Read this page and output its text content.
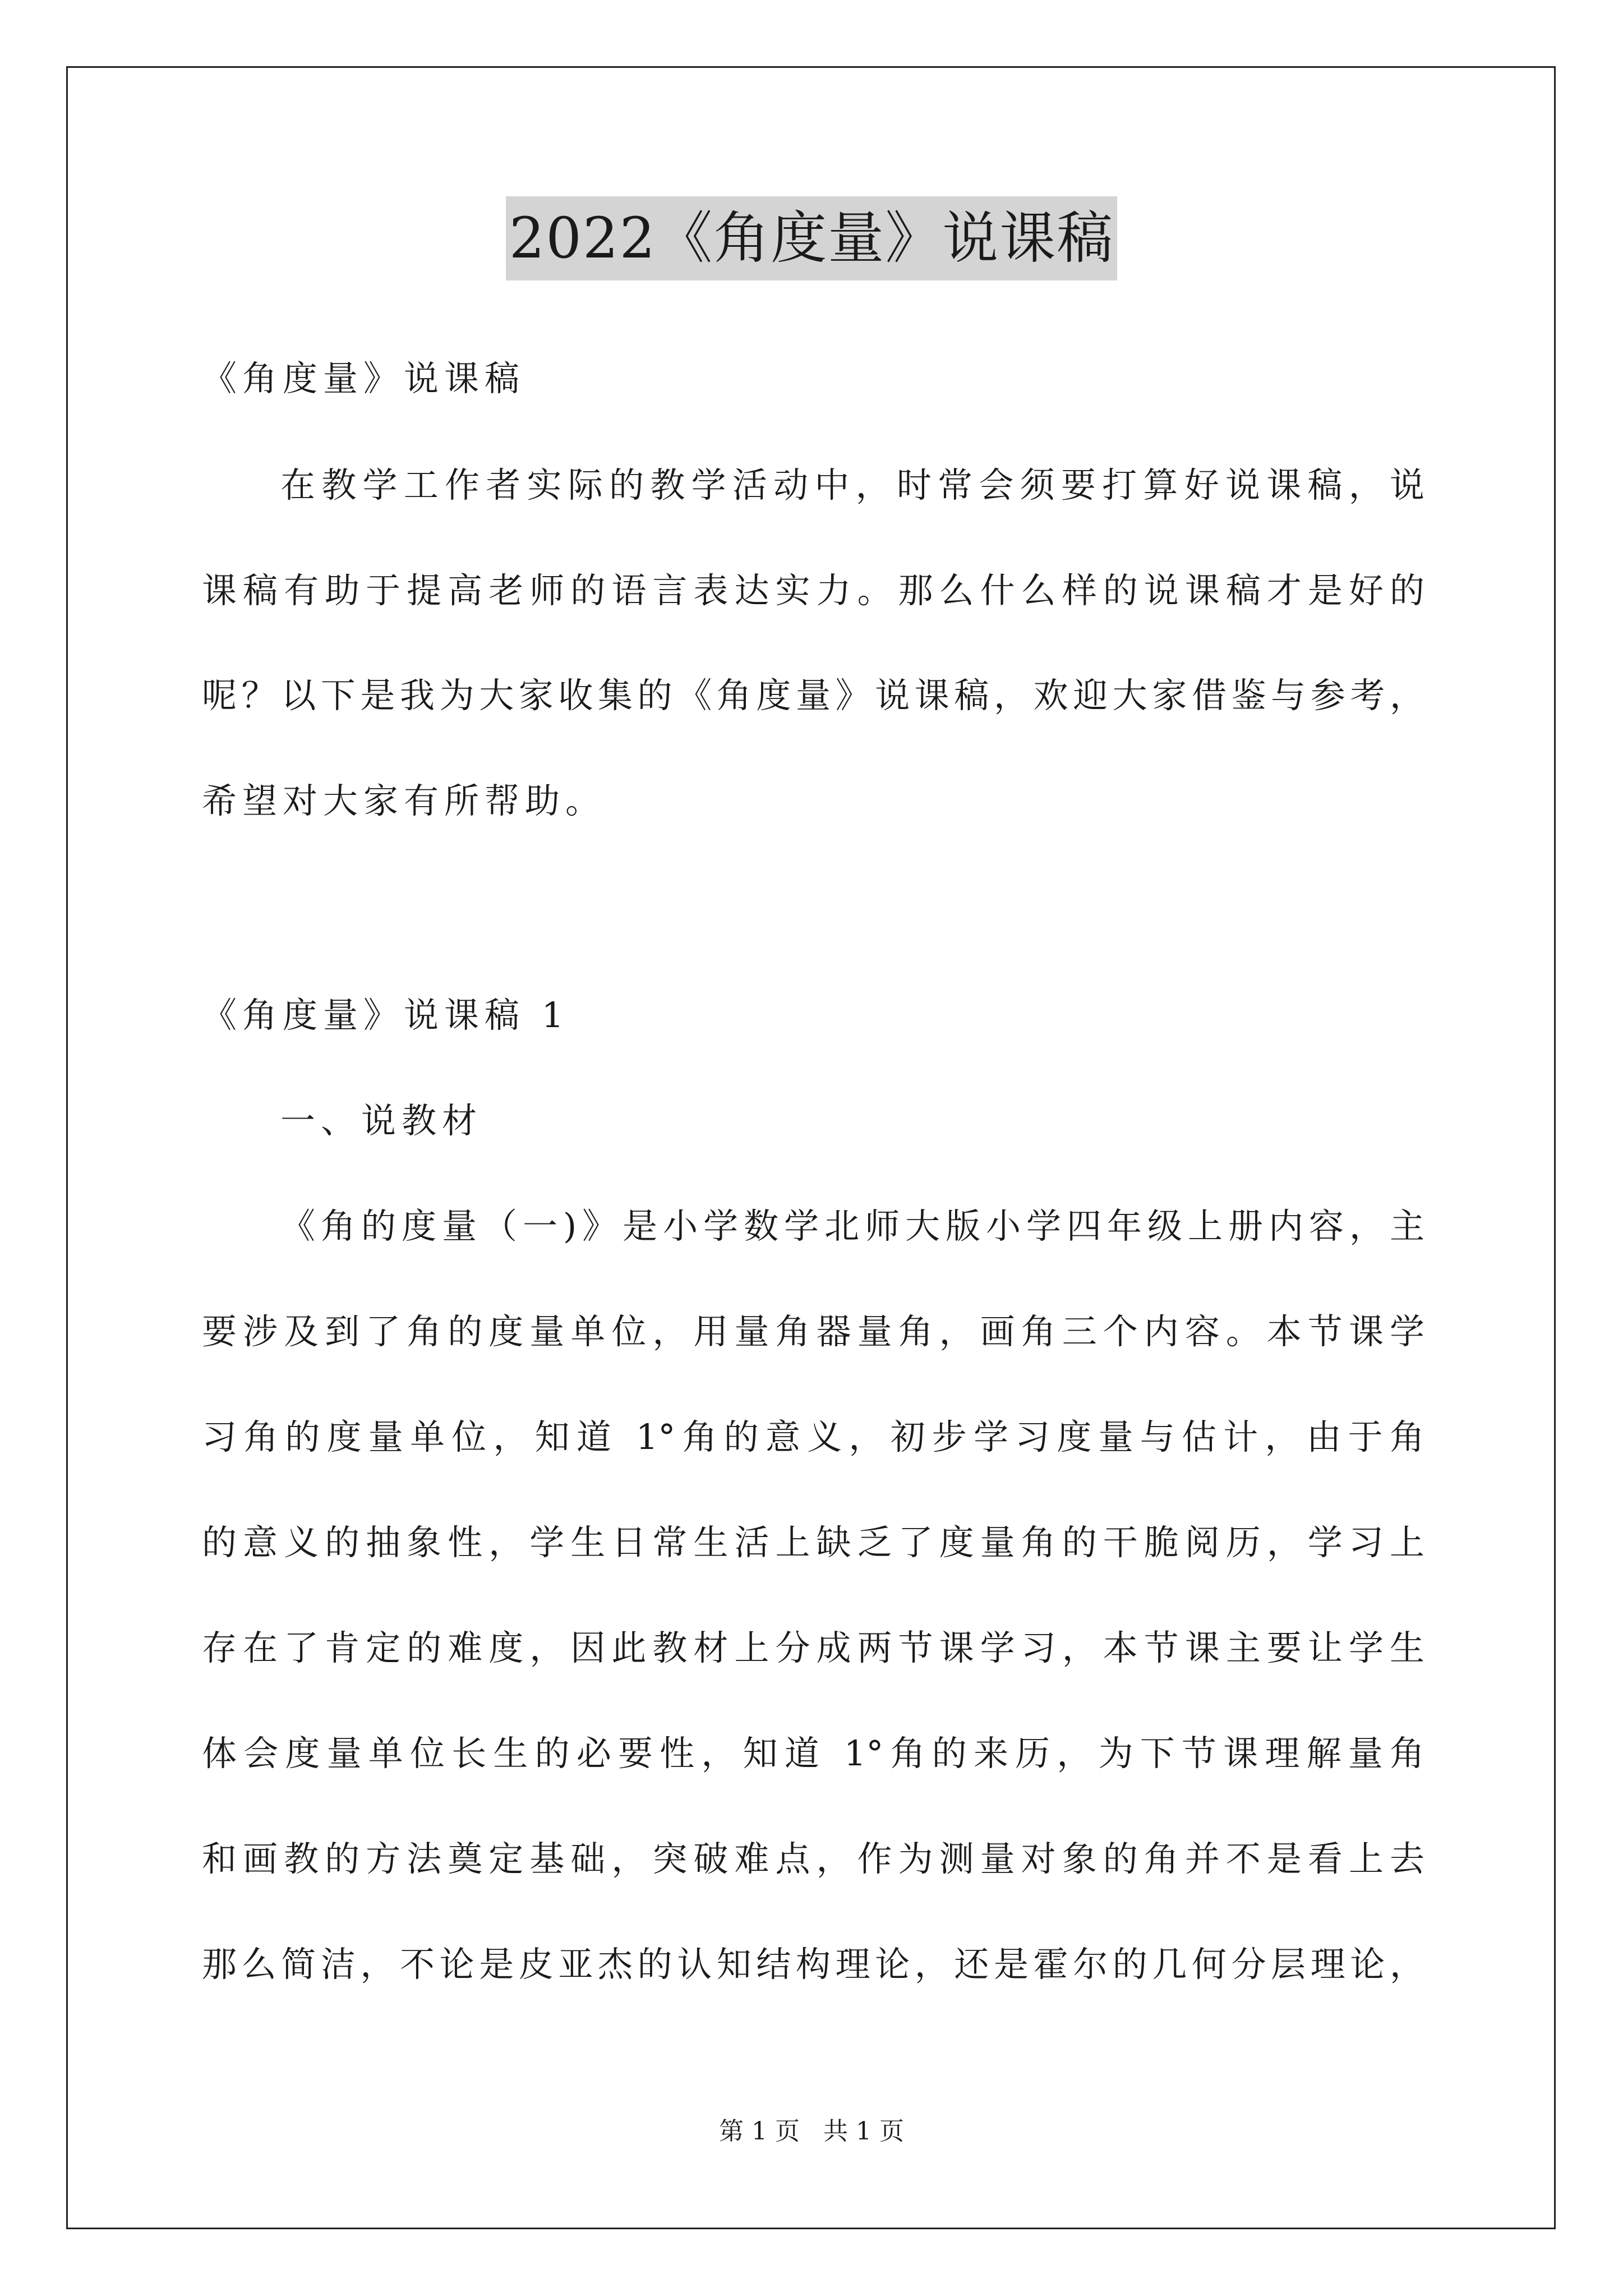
2022《角度量》说课稿
《角度量》说课稿
在教学工作者实际的教学活动中，时常会须要打算好说课稿，说
课稿有助于提高老师的语言表达实力。那么什么样的说课稿才是好的
呢？以下是我为大家收集的《角度量》说课稿，欢迎大家借鉴与参考，
希望对大家有所帮助。
《角度量》说课稿 1
一、说教材
《角的度量（一)》是小学数学北师大版小学四年级上册内容，主
要涉及到了角的度量单位，用量角器量角，画角三个内容。本节课学
习角的度量单位，知道 1°角的意义，初步学习度量与估计，由于角
的意义的抽象性，学生日常生活上缺乏了度量角的干脆阅历，学习上
存在了肯定的难度，因此教材上分成两节课学习，本节课主要让学生
体会度量单位长生的必要性，知道 1°角的来历，为下节课理解量角
和画教的方法奠定基础，突破难点，作为测量对象的角并不是看上去
那么简洁，不论是皮亚杰的认知结构理论，还是霍尔的几何分层理论，
第 1 页   共 1 页
